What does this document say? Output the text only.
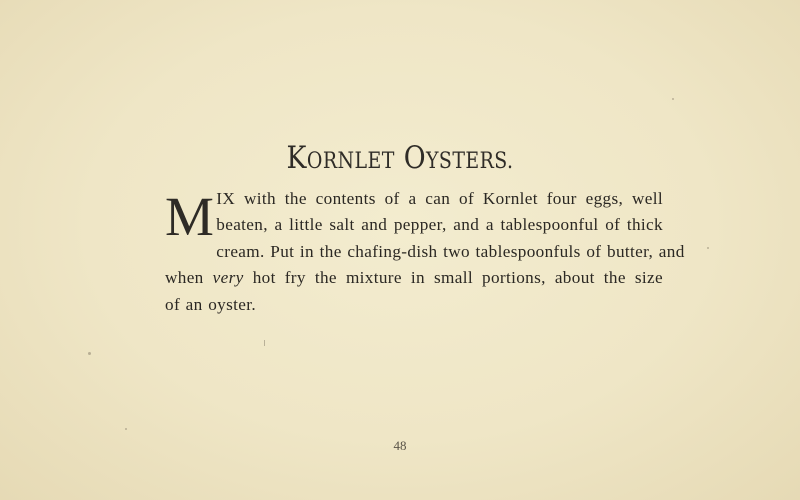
KORNLET OYSTERS.
M IX with the contents of a can of Kornlet four eggs, well
beaten, a little salt and pepper, and a tablespoonful of thick
cream. Put in the chafing-dish two tablespoonfuls of butter, and
when very hot fry the mixture in small portions, about the size
of an oyster.
48
